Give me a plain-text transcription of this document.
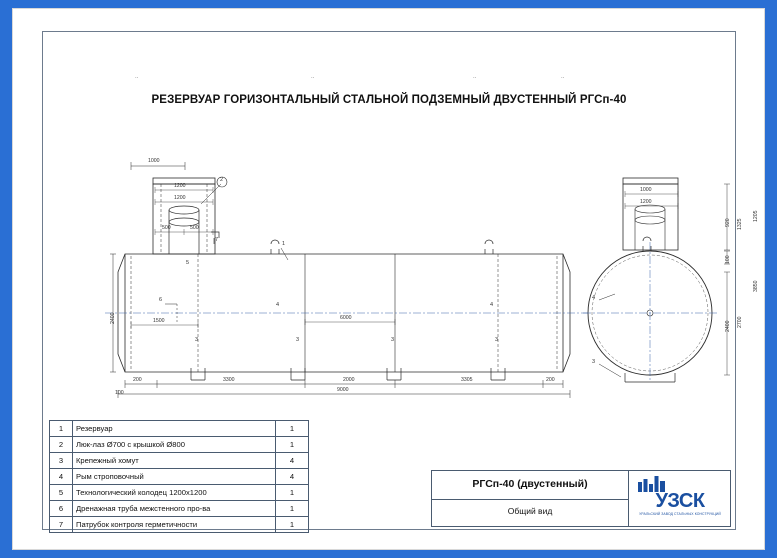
..	..	..	..
РЕЗЕРВУАР ГОРИЗОНТАЛЬНЫЙ СТАЛЬНОЙ ПОДЗЕМНЫЙ ДВУСТЕННЫЙ РГСп-40
1000
1200
1200
500	500
2400	1500	6000
200	3300	2000	3305	200
100	9000
7
2
1
5
6
3	3	3	3
4	4
1000
1200
920 1325
1205
100
2400 2700
3850
4
3
1	Резервуар	1
2	Люк-лаз Ø700 с крышкой Ø800	1
3	Крепежный хомут	4
4	Рым строповочный	4
5	Технологический колодец 1200х1200	1
6	Дренажная труба межстенного про-ва	1
7	Патрубок контроля герметичности	1
РГСп-40 (двустенный)
Общий вид	УЗСК
УРАЛЬСКИЙ ЗАВОД СТАЛЬНЫХ КОНСТРУКЦИЙ
